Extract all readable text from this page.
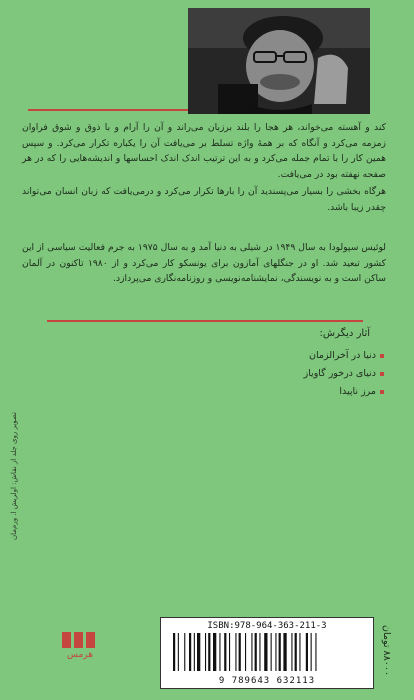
کند و آهسته می‌خواند، هر هجا را بلند برزبان می‌راند و آن را آرام و با ذوق و شوق فراوان زمزمه می‌کرد و آنگاه که بر همهٔ واژه تسلط بر می‌یافت آن را یکباره تکرار می‌کرد. و سپس همین کار را با تمام جمله می‌کرد و به این ترتیب اندک اندک احساسها و اندیشه‌هایی را که در هر صفحه نهفته بود در می‌یافت.

هرگاه بخشی را بسیار می‌پسندید آن را بارها تکرار می‌کرد و درمی‌یافت که زبان انسان می‌تواند چقدر زیبا باشد.

لوئیس سپولودا به سال ۱۹۴۹ در شیلی به دنیا آمد و به سال ۱۹۷۵ به جرم فعالیت سیاسی از این کشور تبعید شد. او در جنگلهای آمازون برای یونسکو کار می‌کرد و از ۱۹۸۰ تاکنون در آلمان ساکن است و به نویسندگی، نمایشنامه‌نویسی و روزنامه‌نگاری می‌پردازد.

آثار دیگرش:
دنیا در آخرالزمان
دنیای درخور گاویاز
مرز ناپیدا
تصویر روی جلد از نقاش: اولریش ا. ورم‌مان
هرمس
ISBN:978-964-363-211-3
9 789643 632113
۸۸۰۰۰ تومان
